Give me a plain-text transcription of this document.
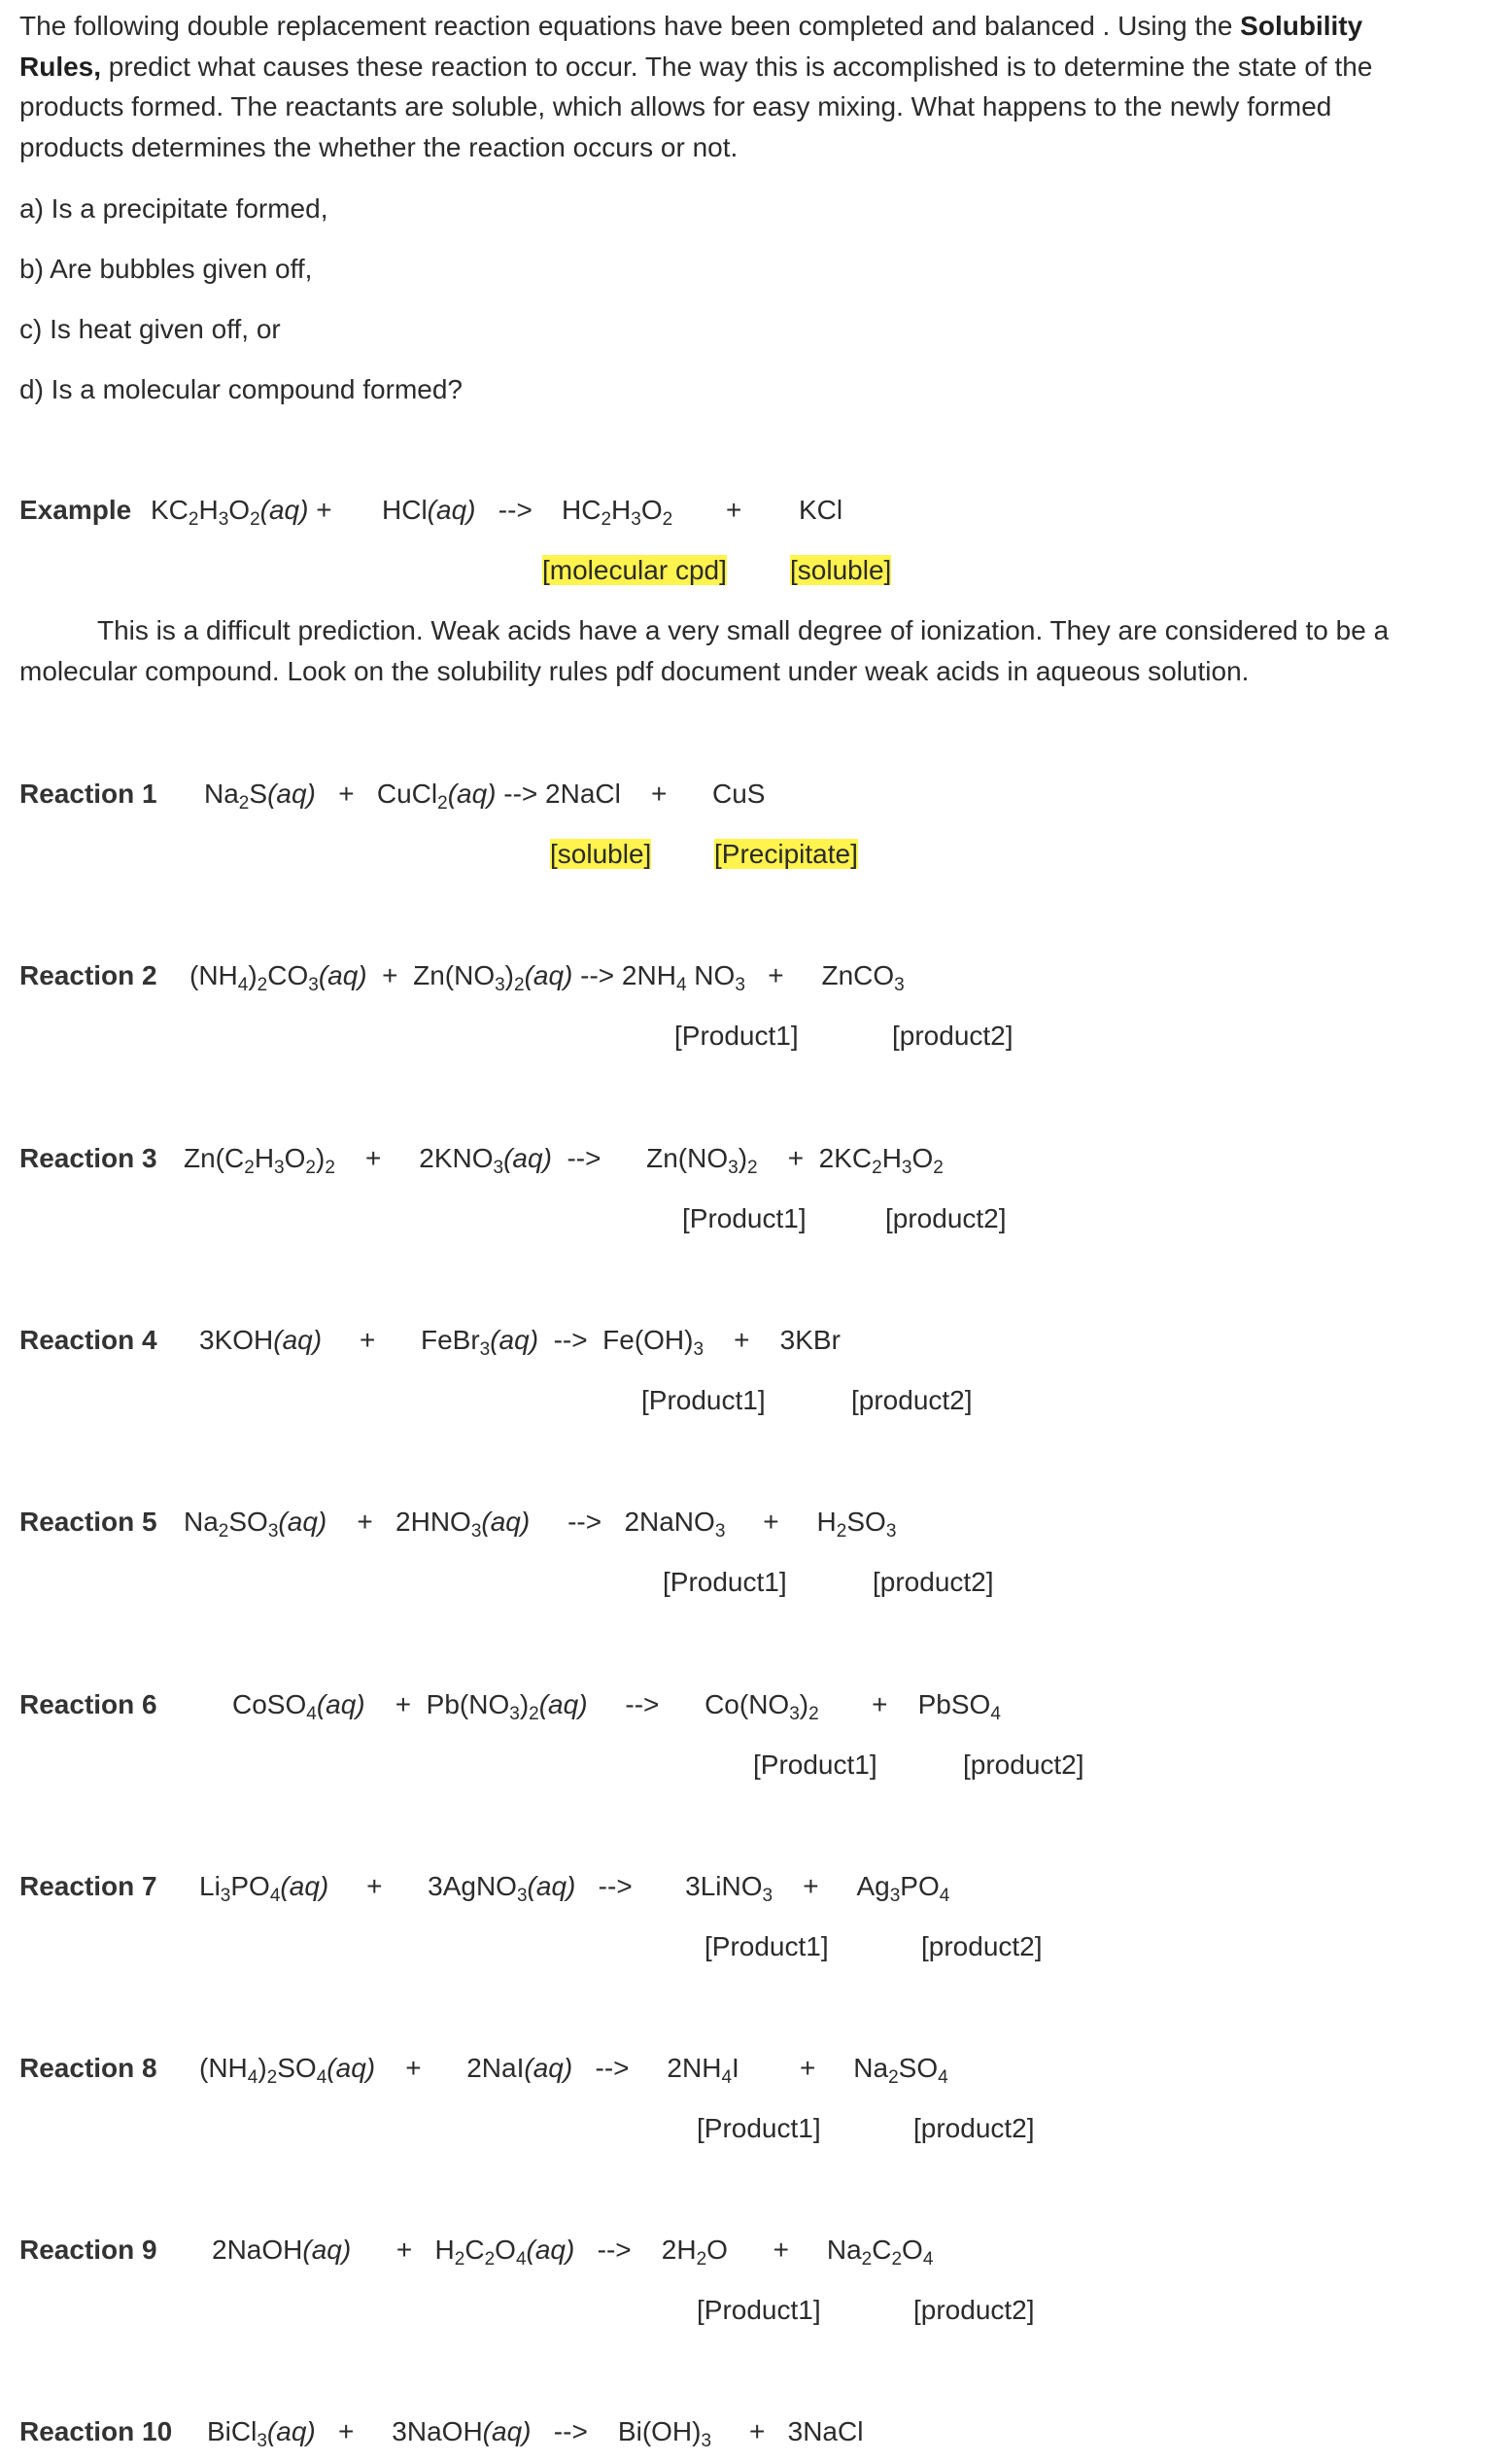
The following double replacement reaction equations have been completed and balanced . Using the Solubility Rules, predict what causes these reaction to occur. The way this is accomplished is to determine the state of the products formed. The reactants are soluble, which allows for easy mixing. What happens to the newly formed products determines the whether the reaction occurs or not.
a) Is a precipitate formed,
b) Are bubbles given off,
c) Is heat given off, or
d) Is a molecular compound formed?
Example $KC_2H_3O_2(aq) + HCl(aq)$   --> $HC_2H_3O_2$ + KCl
[molecular cpd] [soluble]
This is a difficult prediction. Weak acids have a very small degree of ionization. They are considered to be a
molecular compound. Look on the solubility rules pdf document under weak acids in aqueous solution.
Reaction 1 $Na_2S(aq)$   +   CuCl$_2$(aq) --> 2NaCl    +      CuS
[soluble] [Precipitate]
Reaction 2 $(NH_4)_2CO_3(aq) + Zn(NO_3)_2(aq)$ --> $2NH_4$ $NO_3$   +     ZnCO$_3$
[Product1]	[product2]
Reaction 3 $Zn(C_2H_3O_2)_2$    +     $2KNO_3(aq)$  -->      $Zn(NO_3)_2$    +  $2KC_2H_3O_2$
[Product1]	[product2]
Reaction 4 3KOH(aq)     +      FeBr$_3$(aq)  -->  $Fe(OH)_3$    +    3KBr
[Product1]	[product2]
Reaction 5 $Na_2SO_3(aq)$    +   $2HNO_3(aq)$     -->   2NaNO$_3$     +     $H_2SO_3$
[Product1]	[product2]
Reaction 6	CoSO$_4$(aq)    +  $Pb(NO_3)_2(aq)$     -->      $Co(NO_3)_2$       +    PbSO$_4$
[Product1]	[product2]
Reaction 7 $Li_3PO_4(aq)$     +      3AgNO$_3$(aq)   -->       3LiNO$_3$    +     $Ag_3PO_4$
[Product1]	[product2]
Reaction 8 $(NH_4)_2SO_4(aq)$    +      2NaI(aq)   -->     $2NH_4I$        +     $Na_2SO_4$
[Product1]	[product2]
Reaction 9 2NaOH(aq)      +   $H_2C_2O_4(aq)$   -->    $2H_2O$      +     $Na_2C_2O_4$
[Product1]	[product2]
Reaction 10 BiCl$_3$(aq)   +     3NaOH(aq)   -->    $Bi(OH)_3$     +   3NaCl
